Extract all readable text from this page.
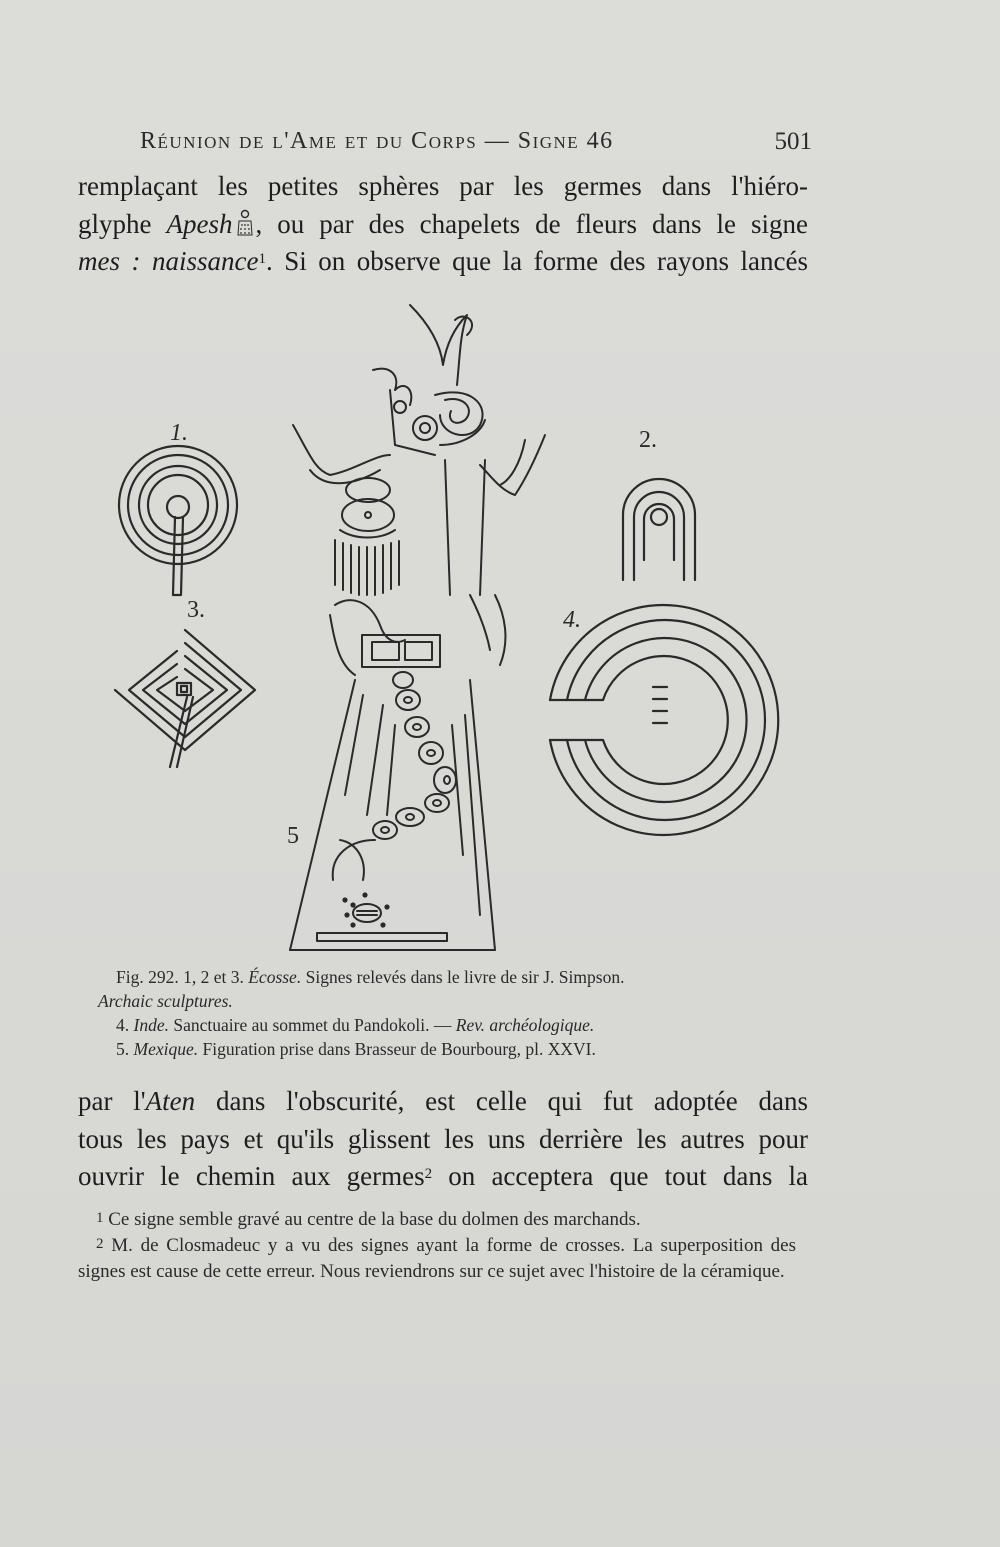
Réunion de l'Ame et du Corps — Signe 46	501

remplaçant les petites sphères par les germes dans l'hiéro-

glyphe Apesh , ou par des chapelets de fleurs dans le signe

mes : naissance$^1$. Si on observe que la forme des rayons lancés

1.	2.
3.	4.
5
Fig. 292. 1, 2 et 3. Écosse. Signes relevés dans le livre de sir J. Simpson.
Archaic sculptures.
4. Inde. Sanctuaire au sommet du Pandokoli. — Rev. archéologique.
5. Mexique. Figuration prise dans Brasseur de Bourbourg, pl. XXVI.

par l'Aten dans l'obscurité, est celle qui fut adoptée dans

tous les pays et qu'ils glissent les uns derrière les autres pour

ouvrir le chemin aux germes$^2$ on acceptera que tout dans la

$^1$ Ce signe semble gravé au centre de la base du dolmen des marchands.

$^2$ M. de Closmadeuc y a vu des signes ayant la forme de crosses. La superposition des signes est cause de cette erreur. Nous reviendrons sur ce sujet avec l'histoire de la céramique.
